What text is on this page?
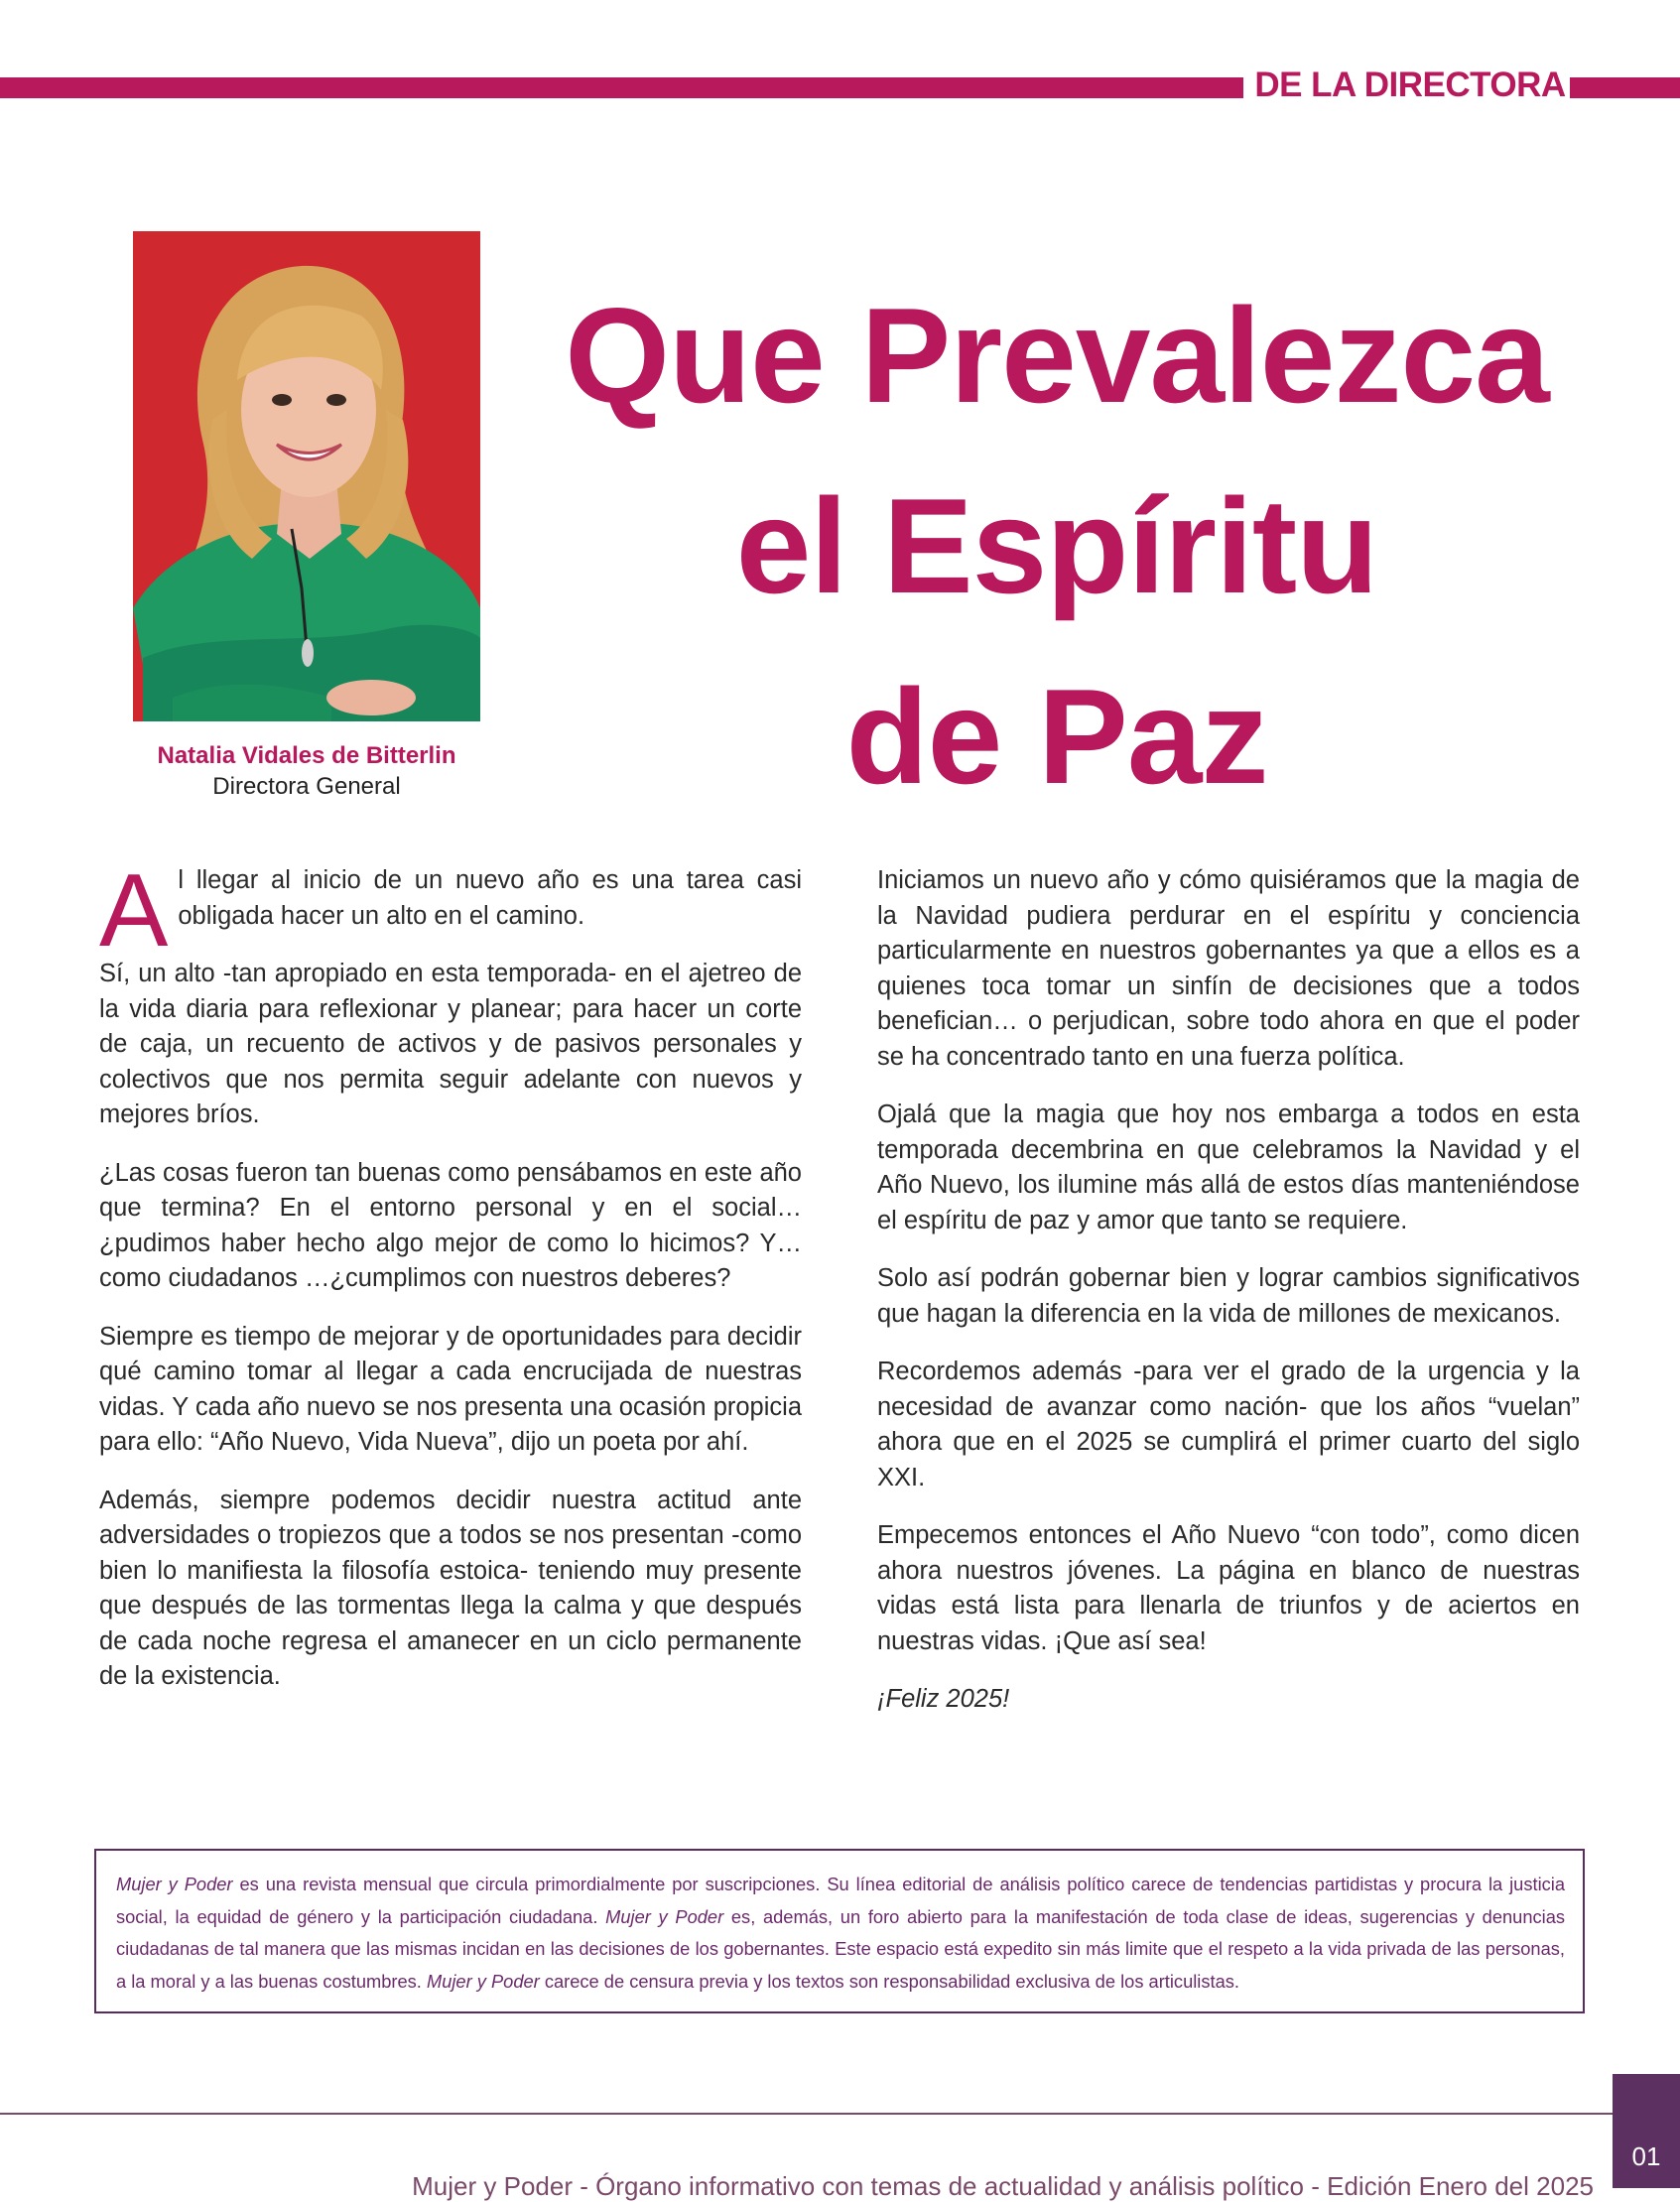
DE LA DIRECTORA
Natalia Vidales de Bitterlin
Directora General
Que Prevalezca
el Espíritu
de Paz

Al llegar al inicio de un nuevo año es una tarea casi obligada hacer un alto en el camino.

Sí, un alto -tan apropiado en esta temporada- en el ajetreo de la vida diaria para reflexionar y planear; para hacer un corte de caja, un recuento de activos y de pasivos personales y colectivos que nos permita seguir adelante con nuevos y mejores bríos.

¿Las cosas fueron tan buenas como pensábamos en este año que termina? En el entorno personal y en el social… ¿pudimos haber hecho algo mejor de como lo hicimos? Y… como ciudadanos …¿cumplimos con nuestros deberes?

Siempre es tiempo de mejorar y de oportunidades para decidir qué camino tomar al llegar a cada encrucijada de nuestras vidas. Y cada año nuevo se nos presenta una ocasión propicia para ello: “Año Nuevo, Vida Nueva”, dijo un poeta por ahí.

Además, siempre podemos decidir nuestra actitud ante adversidades o tropiezos que a todos se nos presentan -como bien lo manifiesta la filosofía estoica- teniendo muy presente que después de las tormentas llega la calma y que después de cada noche regresa el amanecer en un ciclo permanente de la existencia.

Iniciamos un nuevo año y cómo quisiéramos que la magia de la Navidad pudiera perdurar en el espíritu y conciencia particularmente en nuestros gobernantes ya que a ellos es a quienes toca tomar un sinfín de decisiones que a todos benefician… o perjudican, sobre todo ahora en que el poder se ha concentrado tanto en una fuerza política.

Ojalá que la magia que hoy nos embarga a todos en esta temporada decembrina en que celebramos la Navidad y el Año Nuevo, los ilumine más allá de estos días manteniéndose el espíritu de paz y amor que tanto se requiere.

Solo así podrán gobernar bien y lograr cambios significativos que hagan la diferencia en la vida de millones de mexicanos.

Recordemos además -para ver el grado de la urgencia y la necesidad de avanzar como nación- que los años “vuelan” ahora que en el 2025 se cumplirá el primer cuarto del siglo XXI.

Empecemos entonces el Año Nuevo “con todo”, como dicen ahora nuestros jóvenes. La página en blanco de nuestras vidas está lista para llenarla de triunfos y de aciertos en nuestras vidas. ¡Que así sea!

¡Feliz 2025!

Mujer y Poder es una revista mensual que circula primordialmente por suscripciones. Su línea editorial de análisis político carece de tendencias partidistas y procura la justicia social, la equidad de género y la participación ciudadana. Mujer y Poder es, además, un foro abierto para la manifestación de toda clase de ideas, sugerencias y denuncias ciudadanas de tal manera que las mismas incidan en las decisiones de los gobernantes. Este espacio está expedito sin más limite que el respeto a la vida privada de las personas, a la moral y a las buenas costumbres. Mujer y Poder carece de censura previa y los textos son responsabilidad exclusiva de los articulistas.

Mujer y Poder - Órgano informativo con temas de actualidad y análisis político - Edición Enero del 2025
01
